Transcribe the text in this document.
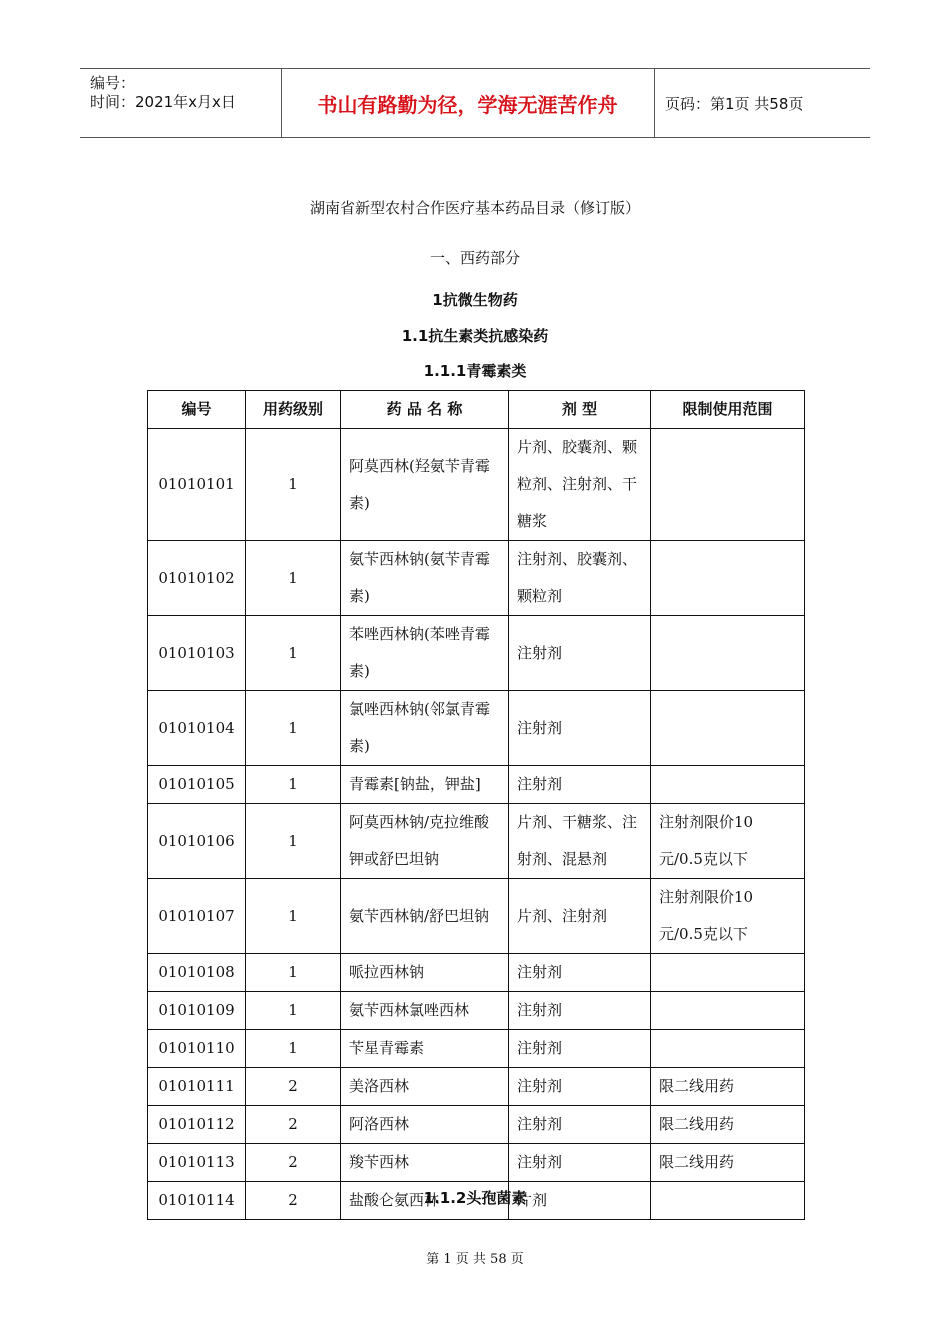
编号：
时间：2021年x月x日	书山有路勤为径，学海无涯苦作舟	页码：第1页 共58页
湖南省新型农村合作医疗基本药品目录（修订版）
一、西药部分
1抗微生物药
1.1抗生素类抗感染药
1.1.1青霉素类
编号	用药级别	药 品 名 称	剂 型	限制使用范围
01010101	1	阿莫西林(羟氨苄青霉素)	片剂、胶囊剂、颗粒剂、注射剂、干糖浆	
01010102	1	氨苄西林钠(氨苄青霉素)	注射剂、胶囊剂、颗粒剂	
01010103	1	苯唑西林钠(苯唑青霉素)	注射剂	
01010104	1	氯唑西林钠(邻氯青霉素)	注射剂	
01010105	1	青霉素[钠盐，钾盐]	注射剂	
01010106	1	阿莫西林钠/克拉维酸钾或舒巴坦钠	片剂、干糖浆、注射剂、混悬剂	注射剂限价10元/0.5克以下
01010107	1	氨苄西林钠/舒巴坦钠	片剂、注射剂	注射剂限价10元/0.5克以下
01010108	1	哌拉西林钠	注射剂	
01010109	1	氨苄西林氯唑西林	注射剂	
01010110	1	苄星青霉素	注射剂	
01010111	2	美洛西林	注射剂	限二线用药
01010112	2	阿洛西林	注射剂	限二线用药
01010113	2	羧苄西林	注射剂	限二线用药
01010114	2	盐酸仑氨西林	片剂	
1.1.2头孢菌素
第 1 页 共 58 页
